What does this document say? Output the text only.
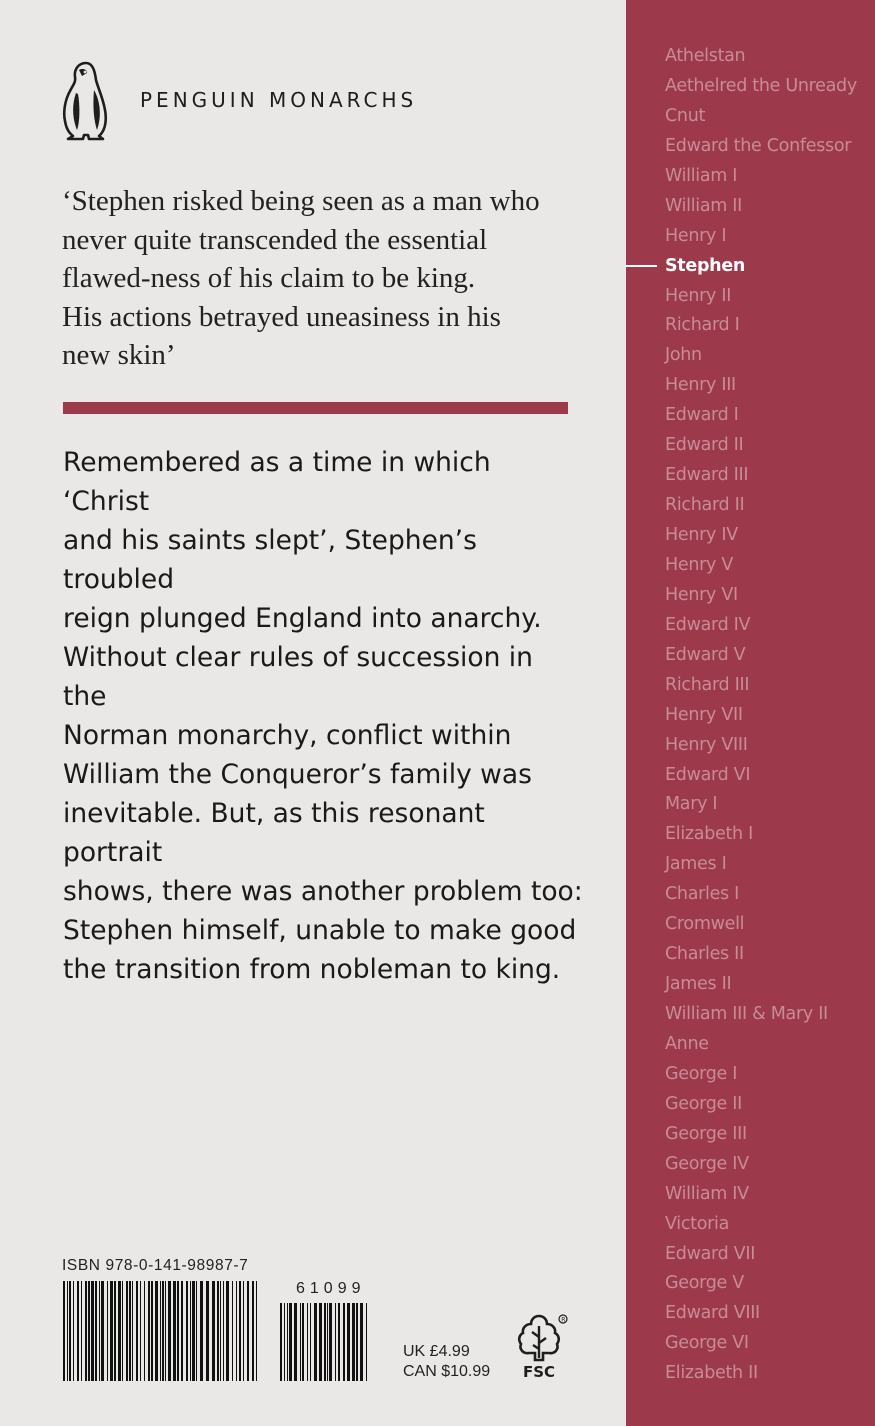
PENGUIN MONARCHS

‘Stephen risked being seen as a man who

never quite transcended the essential

flawed-ness of his claim to be king.

His actions betrayed uneasiness in his

new skin’

Remembered as a time in which ‘Christ

and his saints slept’, Stephen’s troubled

reign plunged England into anarchy.

Without clear rules of succession in the

Norman monarchy, conflict within

William the Conqueror’s family was

inevitable. But, as this resonant portrait

shows, there was another problem too:

Stephen himself, unable to make good

the transition from nobleman to king.

ISBN 978-0-141-98987-7
61099
UK £4.99
CAN $10.99
R
FSC
Athelstan
Aethelred the Unready
Cnut
Edward the Confessor
William I
William II
Henry I
Stephen
Henry II
Richard I
John
Henry III
Edward I
Edward II
Edward III
Richard II
Henry IV
Henry V
Henry VI
Edward IV
Edward V
Richard III
Henry VII
Henry VIII
Edward VI
Mary I
Elizabeth I
James I
Charles I
Cromwell
Charles II
James II
William III & Mary II
Anne
George I
George II
George III
George IV
William IV
Victoria
Edward VII
George V
Edward VIII
George VI
Elizabeth II
